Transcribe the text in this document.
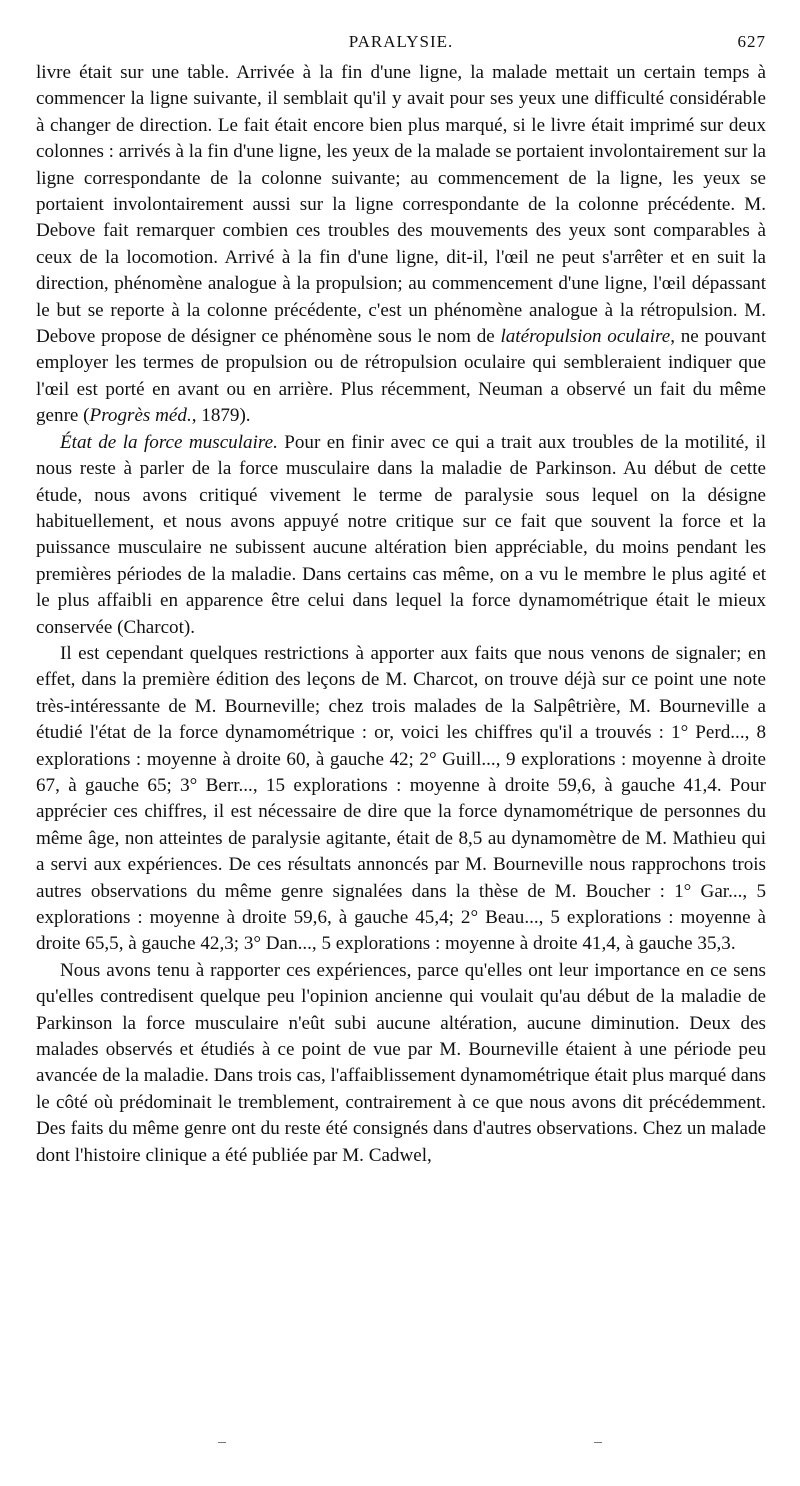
PARALYSIE.	627

livre était sur une table. Arrivée à la fin d'une ligne, la malade mettait un certain temps à commencer la ligne suivante, il semblait qu'il y avait pour ses yeux une difficulté considérable à changer de direction. Le fait était encore bien plus marqué, si le livre était imprimé sur deux colonnes : arrivés à la fin d'une ligne, les yeux de la malade se portaient involontairement sur la ligne correspondante de la colonne suivante; au commencement de la ligne, les yeux se portaient involontairement aussi sur la ligne correspondante de la colonne précédente. M. Debove fait remarquer combien ces troubles des mouvements des yeux sont comparables à ceux de la locomotion. Arrivé à la fin d'une ligne, dit-il, l'œil ne peut s'arrêter et en suit la direction, phénomène analogue à la propulsion; au commencement d'une ligne, l'œil dépassant le but se reporte à la colonne précédente, c'est un phénomène analogue à la rétropulsion. M. Debove propose de désigner ce phénomène sous le nom de latéropulsion oculaire, ne pouvant employer les termes de propulsion ou de rétropulsion oculaire qui sembleraient indiquer que l'œil est porté en avant ou en arrière. Plus récemment, Neuman a observé un fait du même genre (Progrès méd., 1879).

État de la force musculaire. Pour en finir avec ce qui a trait aux troubles de la motilité, il nous reste à parler de la force musculaire dans la maladie de Parkinson. Au début de cette étude, nous avons critiqué vivement le terme de paralysie sous lequel on la désigne habituellement, et nous avons appuyé notre critique sur ce fait que souvent la force et la puissance musculaire ne subissent aucune altération bien appréciable, du moins pendant les premières périodes de la maladie. Dans certains cas même, on a vu le membre le plus agité et le plus affaibli en apparence être celui dans lequel la force dynamométrique était le mieux conservée (Charcot).

Il est cependant quelques restrictions à apporter aux faits que nous venons de signaler; en effet, dans la première édition des leçons de M. Charcot, on trouve déjà sur ce point une note très-intéressante de M. Bourneville; chez trois malades de la Salpêtrière, M. Bourneville a étudié l'état de la force dynamométrique : or, voici les chiffres qu'il a trouvés : 1° Perd..., 8 explorations : moyenne à droite 60, à gauche 42; 2° Guill..., 9 explorations : moyenne à droite 67, à gauche 65; 3° Berr..., 15 explorations : moyenne à droite 59,6, à gauche 41,4. Pour apprécier ces chiffres, il est nécessaire de dire que la force dynamométrique de personnes du même âge, non atteintes de paralysie agitante, était de 8,5 au dynamomètre de M. Mathieu qui a servi aux expériences. De ces résultats annoncés par M. Bourneville nous rapprochons trois autres observations du même genre signalées dans la thèse de M. Boucher : 1° Gar..., 5 explorations : moyenne à droite 59,6, à gauche 45,4; 2° Beau..., 5 explorations : moyenne à droite 65,5, à gauche 42,3; 3° Dan..., 5 explorations : moyenne à droite 41,4, à gauche 35,3.

Nous avons tenu à rapporter ces expériences, parce qu'elles ont leur importance en ce sens qu'elles contredisent quelque peu l'opinion ancienne qui voulait qu'au début de la maladie de Parkinson la force musculaire n'eût subi aucune altération, aucune diminution. Deux des malades observés et étudiés à ce point de vue par M. Bourneville étaient à une période peu avancée de la maladie. Dans trois cas, l'affaiblissement dynamométrique était plus marqué dans le côté où prédominait le tremblement, contrairement à ce que nous avons dit précédemment. Des faits du même genre ont du reste été consignés dans d'autres observations. Chez un malade dont l'histoire clinique a été publiée par M. Cadwel,
